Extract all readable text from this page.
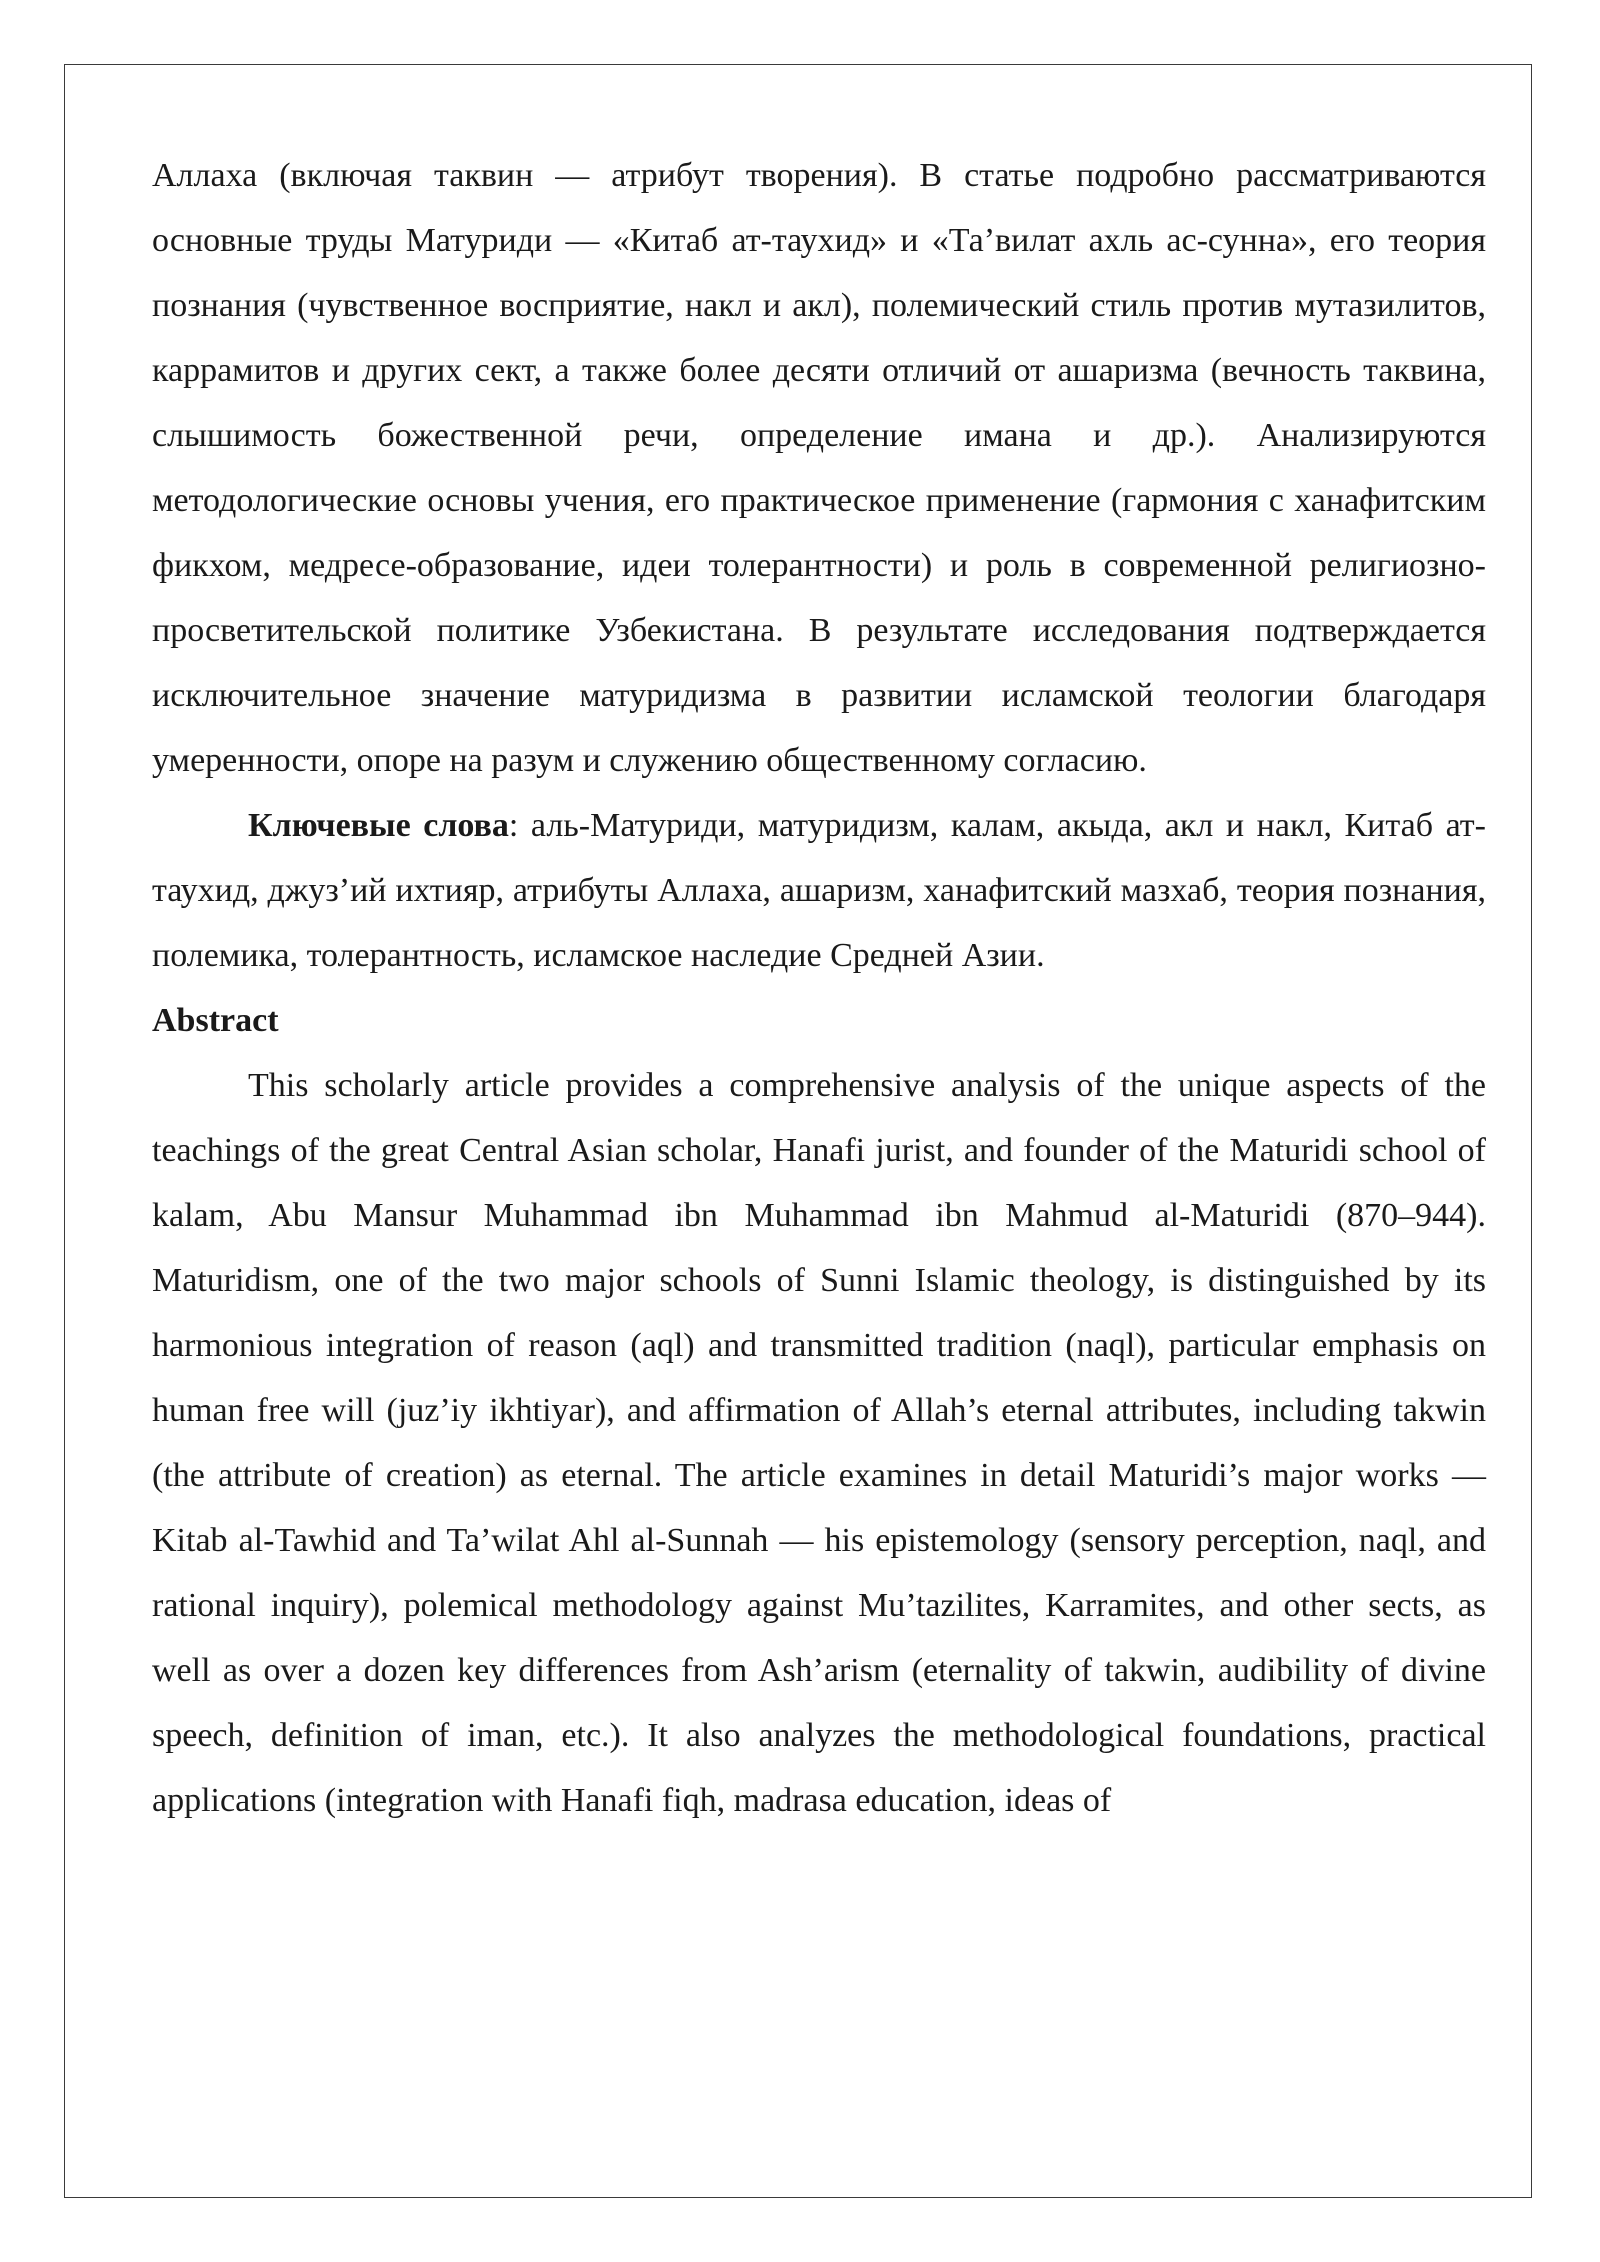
Аллаха (включая таквин — атрибут творения). В статье подробно рассматриваются основные труды Матуриди — «Китаб ат-таухид» и «Та’вилат ахль ас-сунна», его теория познания (чувственное восприятие, накл и акл), полемический стиль против мутазилитов, каррамитов и других сект, а также более десяти отличий от ашаризма (вечность таквина, слышимость божественной речи, определение имана и др.). Анализируются методологические основы учения, его практическое применение (гармония с ханафитским фикхом, медресе-образование, идеи толерантности) и роль в современной религиозно-просветительской политике Узбекистана. В результате исследования подтверждается исключительное значение матуридизма в развитии исламской теологии благодаря умеренности, опоре на разум и служению общественному согласию.

Ключевые слова: аль-Матуриди, матуридизм, калам, акыда, акл и накл, Китаб ат-таухид, джуз’ий ихтияр, атрибуты Аллаха, ашаризм, ханафитский мазхаб, теория познания, полемика, толерантность, исламское наследие Средней Азии.

Abstract

This scholarly article provides a comprehensive analysis of the unique aspects of the teachings of the great Central Asian scholar, Hanafi jurist, and founder of the Maturidi school of kalam, Abu Mansur Muhammad ibn Muhammad ibn Mahmud al-Maturidi (870–944). Maturidism, one of the two major schools of Sunni Islamic theology, is distinguished by its harmonious integration of reason (aql) and transmitted tradition (naql), particular emphasis on human free will (juz’iy ikhtiyar), and affirmation of Allah’s eternal attributes, including takwin (the attribute of creation) as eternal. The article examines in detail Maturidi’s major works — Kitab al-Tawhid and Ta’wilat Ahl al-Sunnah — his epistemology (sensory perception, naql, and rational inquiry), polemical methodology against Mu’tazilites, Karramites, and other sects, as well as over a dozen key differences from Ash’arism (eternality of takwin, audibility of divine speech, definition of iman, etc.). It also analyzes the methodological foundations, practical applications (integration with Hanafi fiqh, madrasa education, ideas of
